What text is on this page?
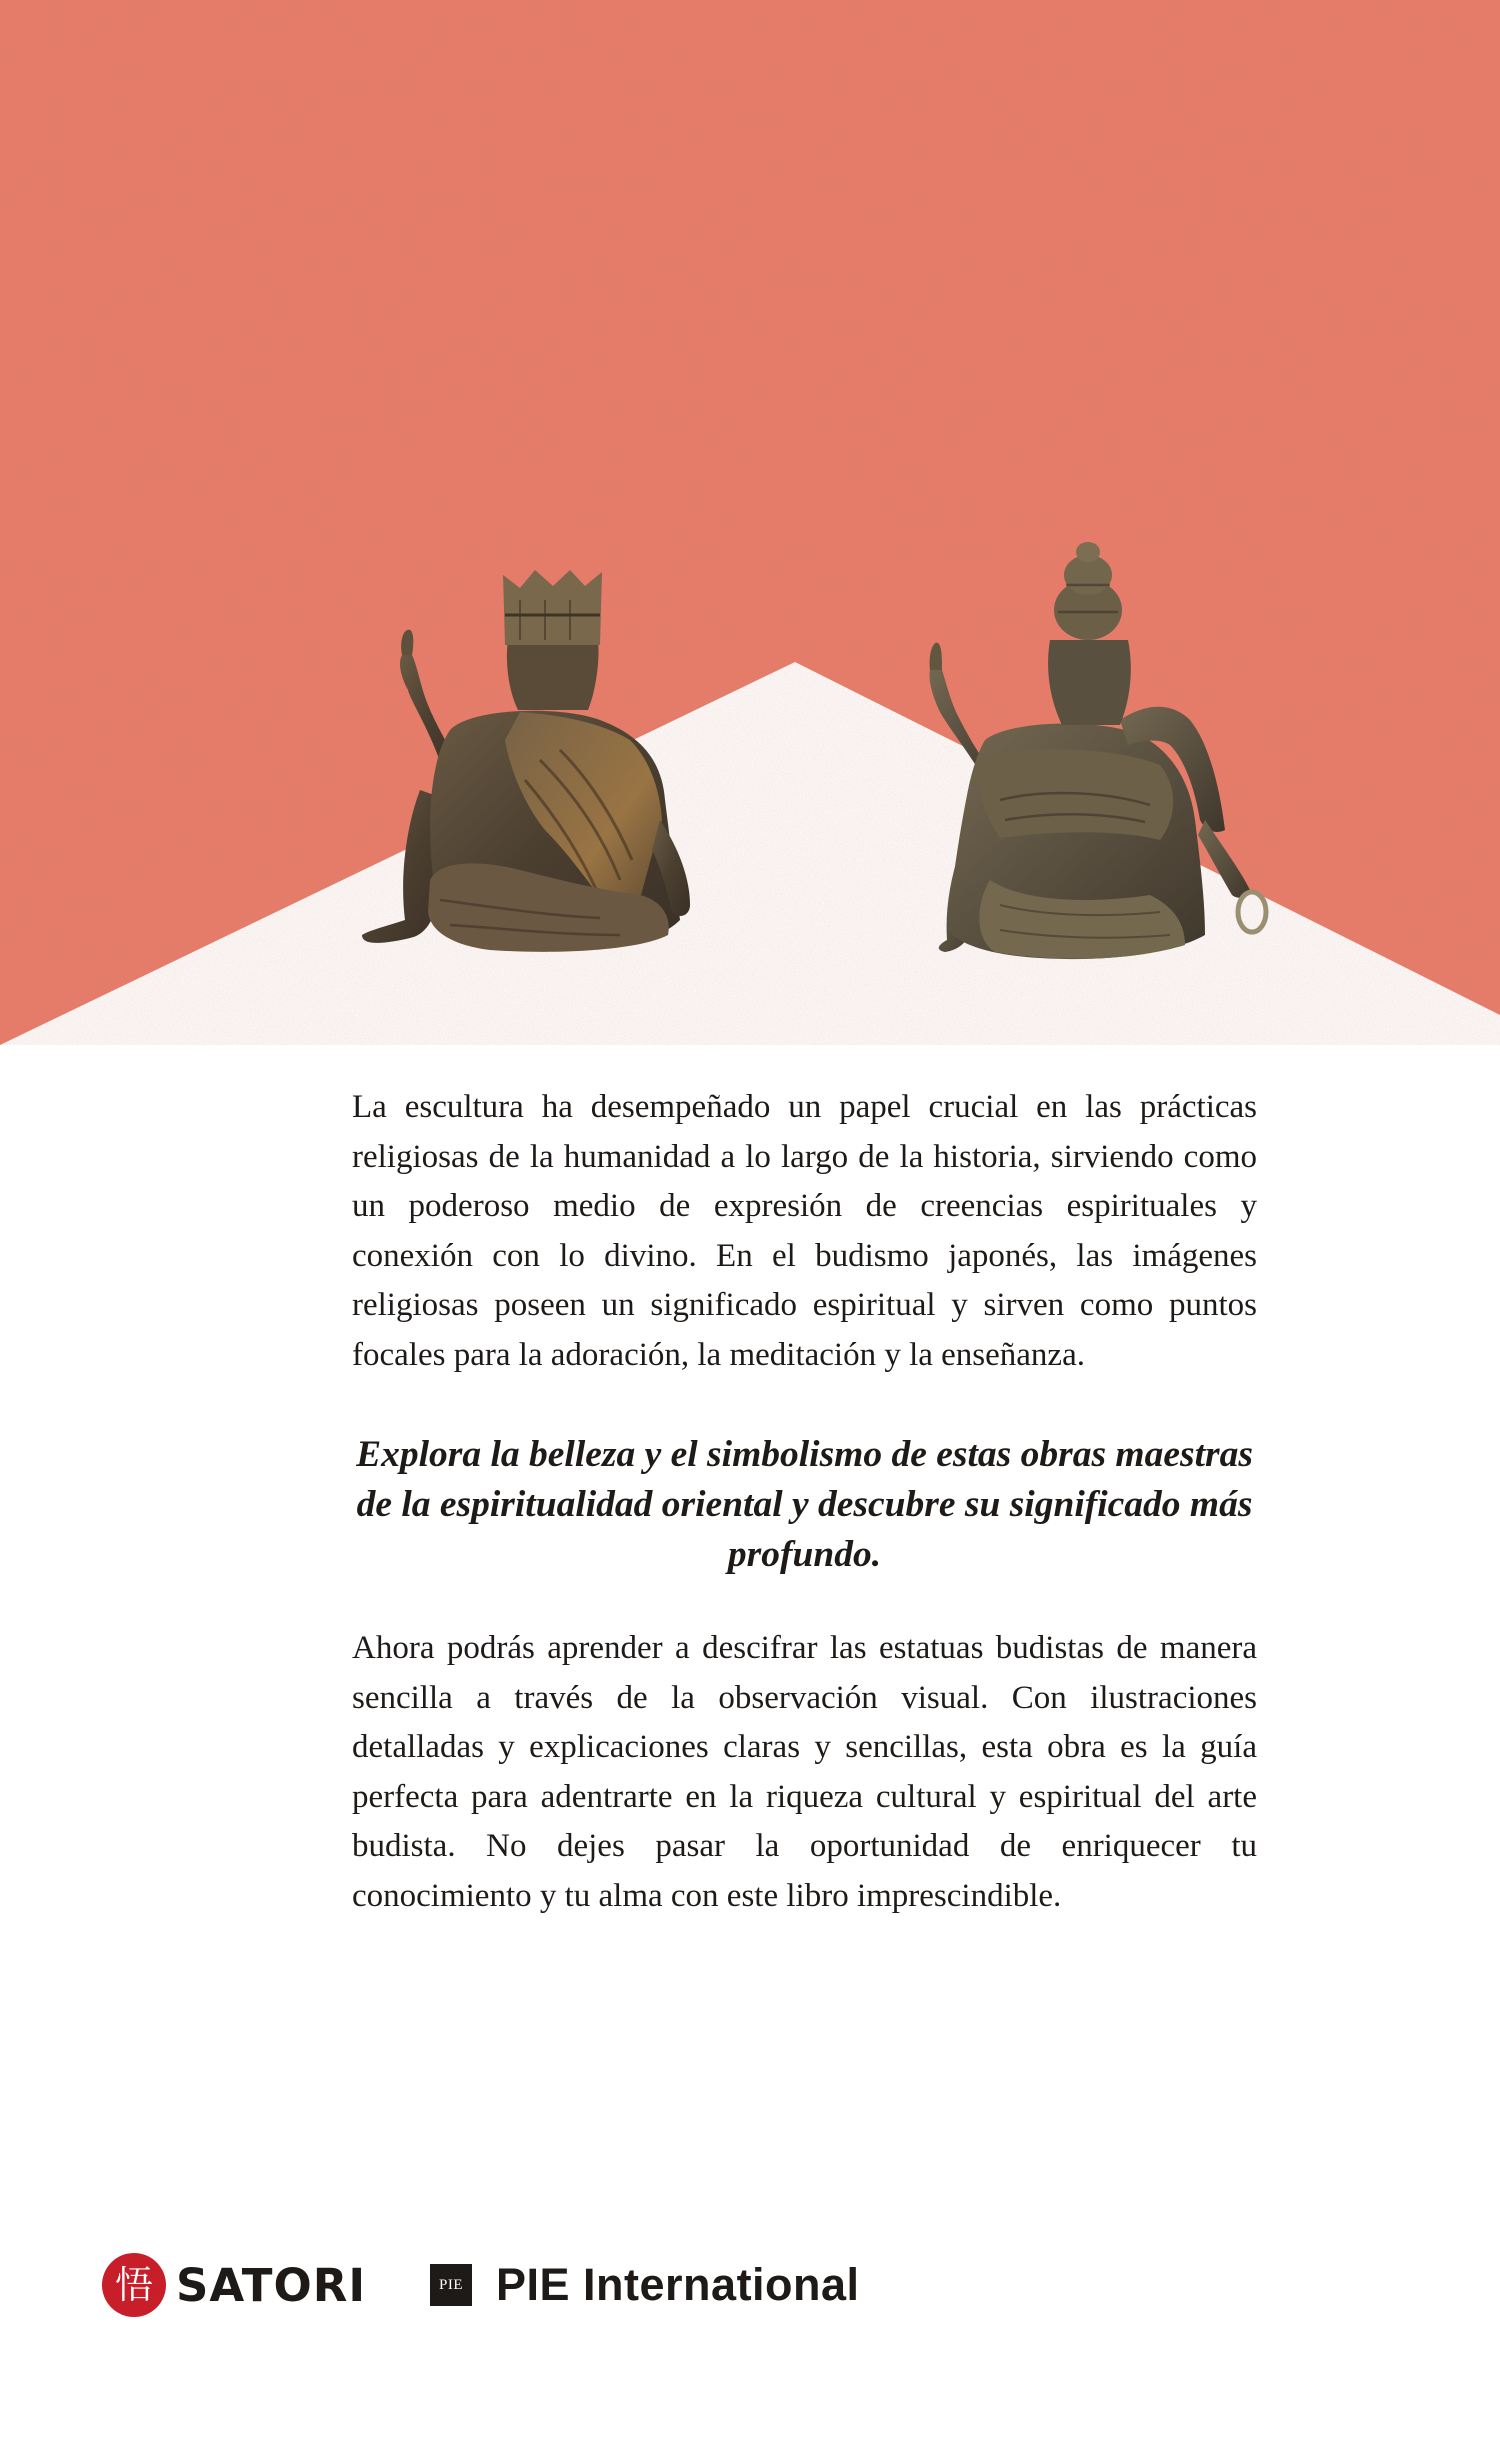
La escultura ha desempeñado un papel crucial en las prácticas religiosas de la humanidad a lo largo de la historia, sirviendo como un poderoso medio de expresión de creencias espirituales y conexión con lo divino. En el budismo japonés, las imágenes religiosas poseen un significado espiritual y sirven como puntos focales para la adoración, la meditación y la enseñanza.

Explora la belleza y el simbolismo de estas obras maestras de la espiritualidad oriental y descubre su significado más profundo.

Ahora podrás aprender a descifrar las estatuas budistas de manera sencilla a través de la observación visual. Con ilustraciones detalladas y explicaciones claras y sencillas, esta obra es la guía perfecta para adentrarte en la riqueza cultural y espiritual del arte budista. No dejes pasar la oportunidad de enriquecer tu conocimiento y tu alma con este libro imprescindible.

悟 SATORI	PIE PIE International
